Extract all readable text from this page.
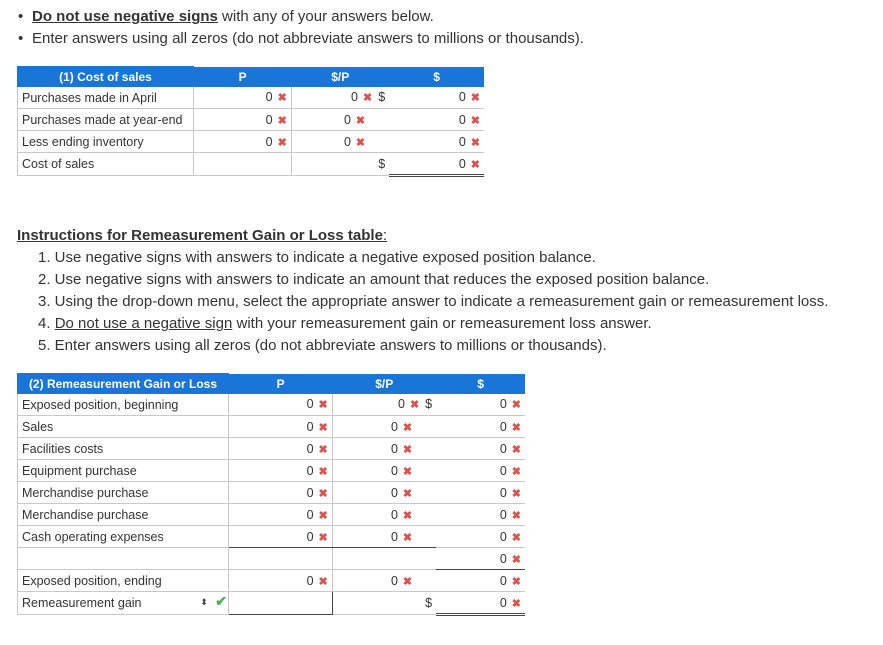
• Do not use negative signs with any of your answers below.
• Enter answers using all zeros (do not abbreviate answers to millions or thousands).
(1) Cost of sales	P	$/P	$
Purchases made in April	0 ✖	0 ✖ $	0 ✖
Purchases made at year-end	0 ✖	0 ✖	0 ✖
Less ending inventory	0 ✖	0 ✖	0 ✖
Cost of sales		$	0 ✖
Instructions for Remeasurement Gain or Loss table:
1. Use negative signs with answers to indicate a negative exposed position balance.
2. Use negative signs with answers to indicate an amount that reduces the exposed position balance.
3. Using the drop-down menu, select the appropriate answer to indicate a remeasurement gain or remeasurement loss.
4. Do not use a negative sign with your remeasurement gain or remeasurement loss answer.
5. Enter answers using all zeros (do not abbreviate answers to millions or thousands).
(2) Remeasurement Gain or Loss	P	$/P	$
Exposed position, beginning	0 ✖	0 ✖ $	0 ✖
Sales	0 ✖	0 ✖	0 ✖
Facilities costs	0 ✖	0 ✖	0 ✖
Equipment purchase	0 ✖	0 ✖	0 ✖
Merchandise purchase	0 ✖	0 ✖	0 ✖
Merchandise purchase	0 ✖	0 ✖	0 ✖
Cash operating expenses	0 ✖	0 ✖	0 ✖
			0 ✖
Exposed position, ending	0 ✖	0 ✖	0 ✖
Remeasurement gain ⬍ ✔		$	0 ✖
